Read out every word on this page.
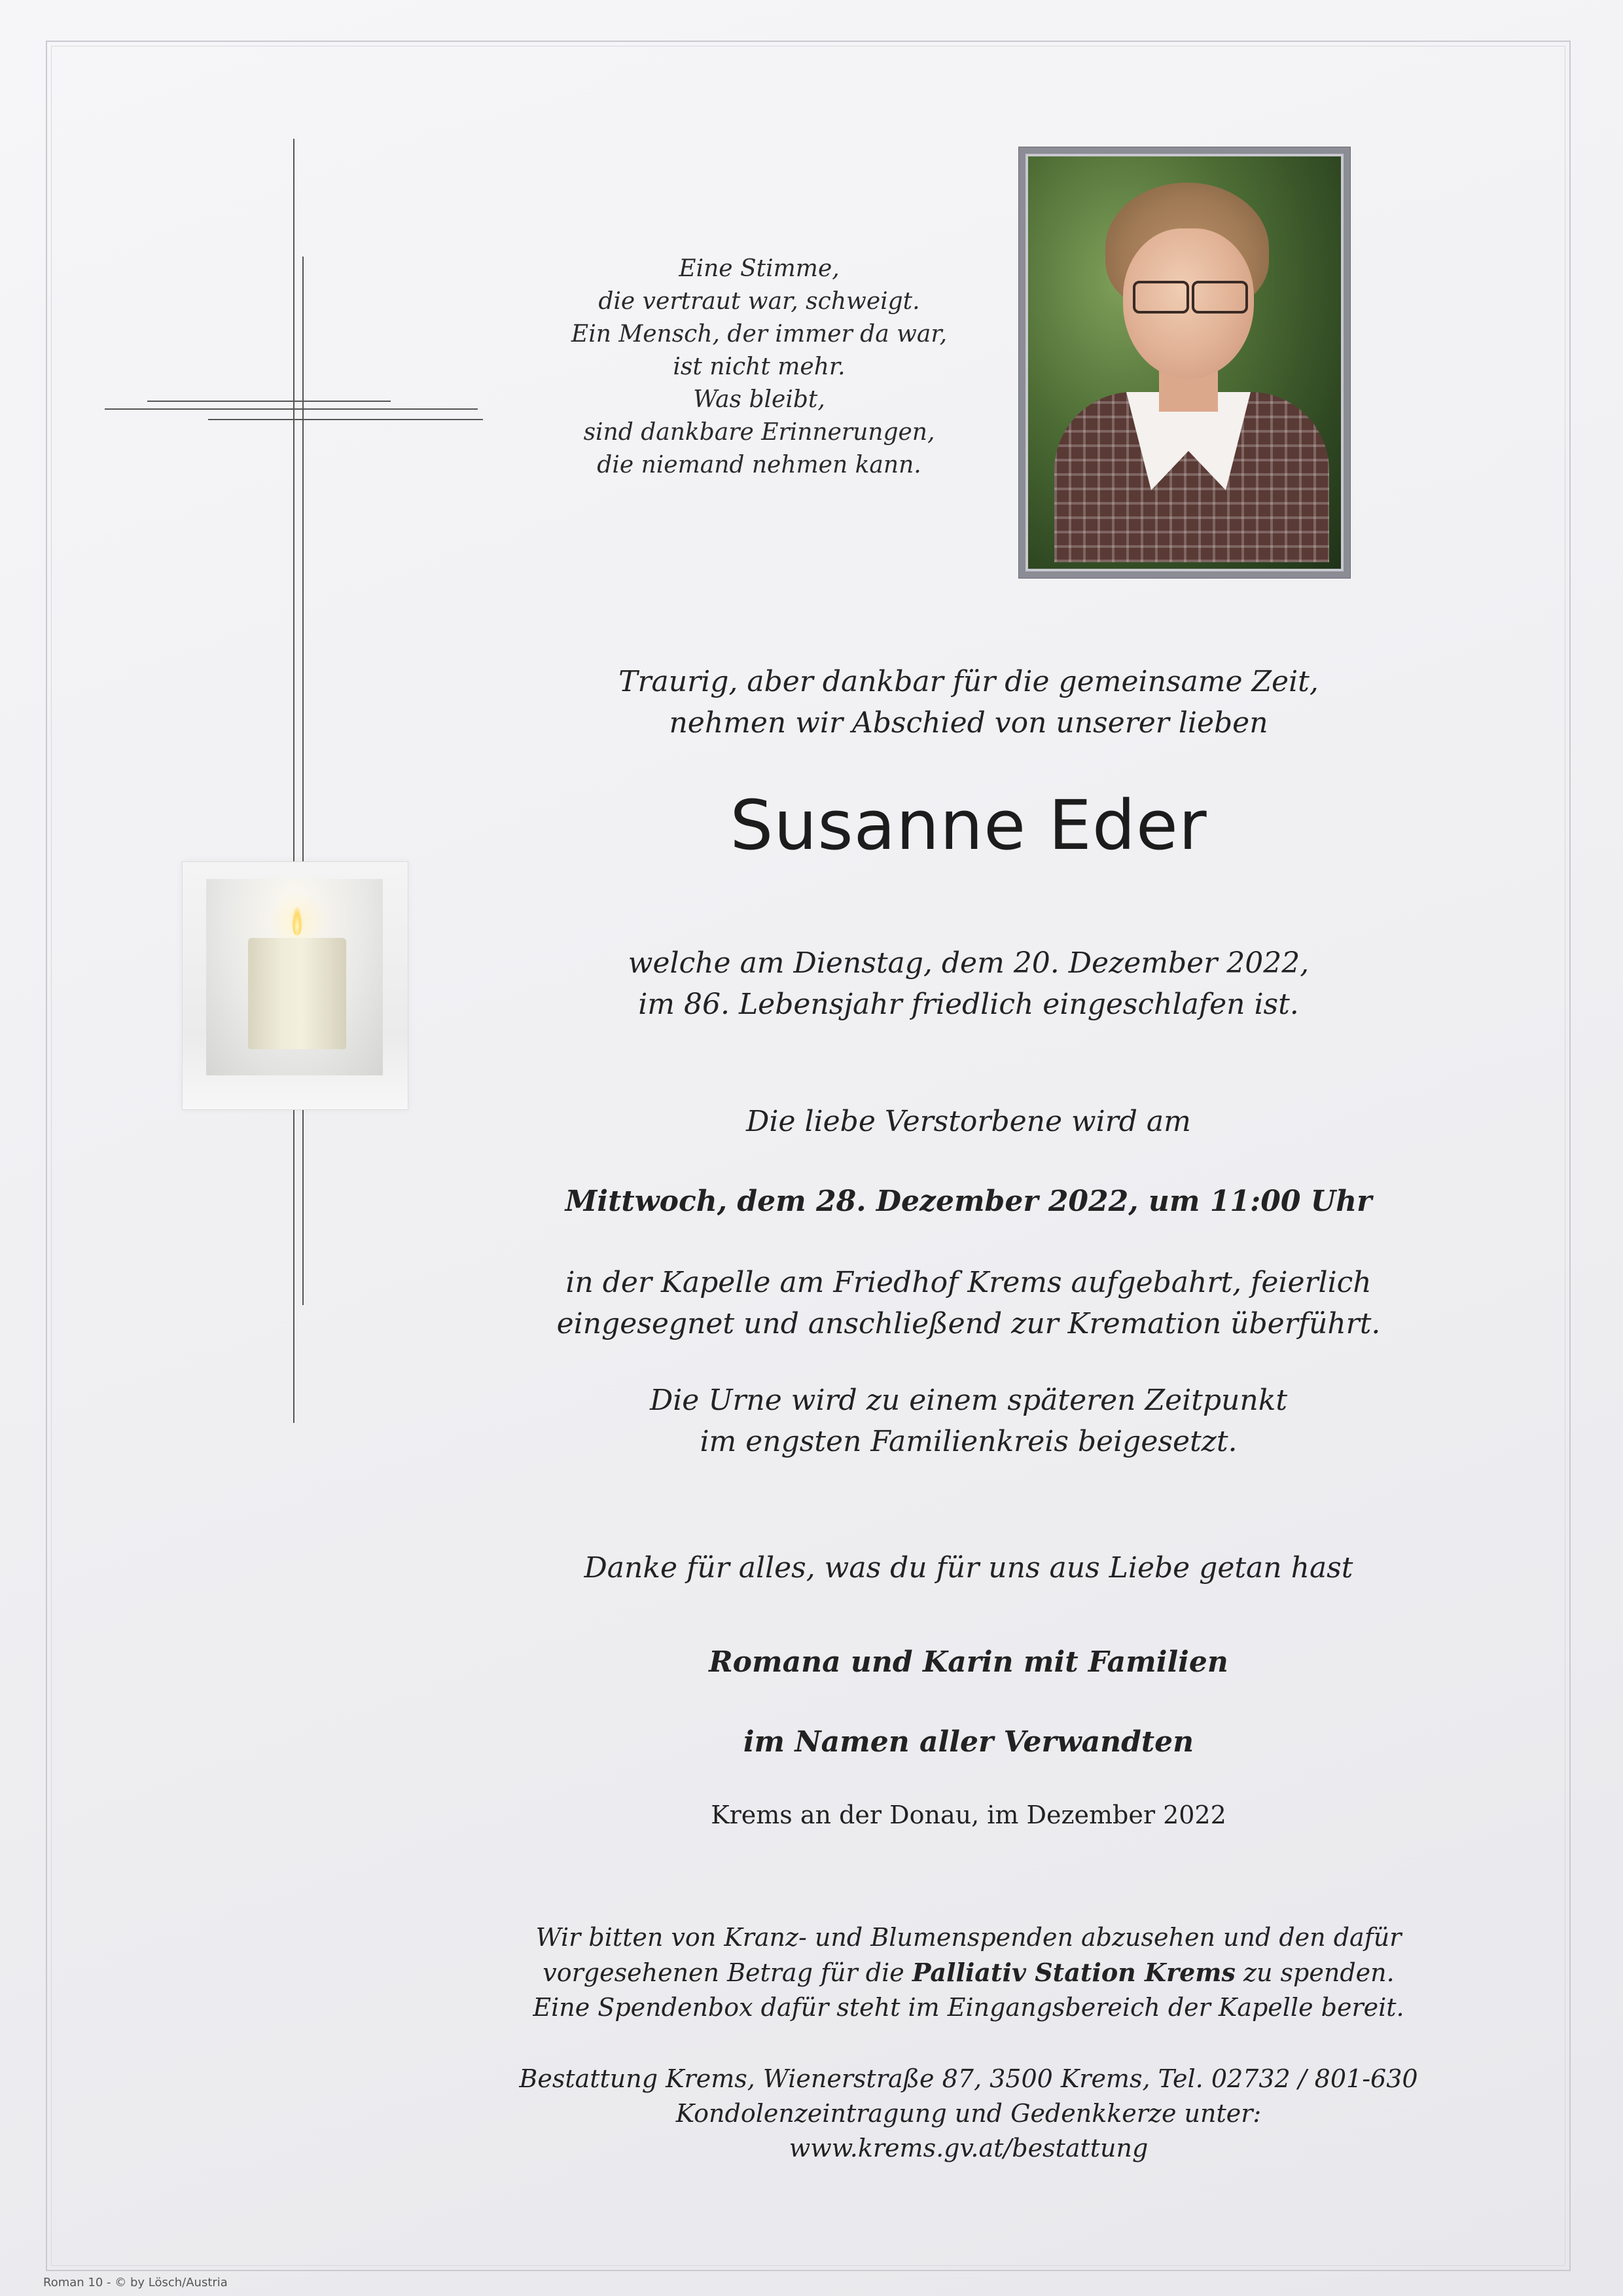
Eine Stimme,
die vertraut war, schweigt.
Ein Mensch, der immer da war,
ist nicht mehr.
Was bleibt,
sind dankbare Erinnerungen,
die niemand nehmen kann.
Traurig, aber dankbar für die gemeinsame Zeit,
nehmen wir Abschied von unserer lieben
Susanne Eder
welche am Dienstag, dem 20. Dezember 2022,
im 86. Lebensjahr friedlich eingeschlafen ist.
Die liebe Verstorbene wird am
Mittwoch, dem 28. Dezember 2022, um 11:00 Uhr
in der Kapelle am Friedhof Krems aufgebahrt, feierlich
eingesegnet und anschließend zur Kremation überführt.
Die Urne wird zu einem späteren Zeitpunkt
im engsten Familienkreis beigesetzt.
Danke für alles, was du für uns aus Liebe getan hast
Romana und Karin mit Familien
im Namen aller Verwandten
Krems an der Donau, im Dezember 2022
Wir bitten von Kranz- und Blumenspenden abzusehen und den dafür
vorgesehenen Betrag für die Palliativ Station Krems zu spenden.
Eine Spendenbox dafür steht im Eingangsbereich der Kapelle bereit.
Bestattung Krems, Wienerstraße 87, 3500 Krems, Tel. 02732 / 801-630
Kondolenzeintragung und Gedenkkerze unter:
www.krems.gv.at/bestattung
Roman 10 - © by Lösch/Austria
